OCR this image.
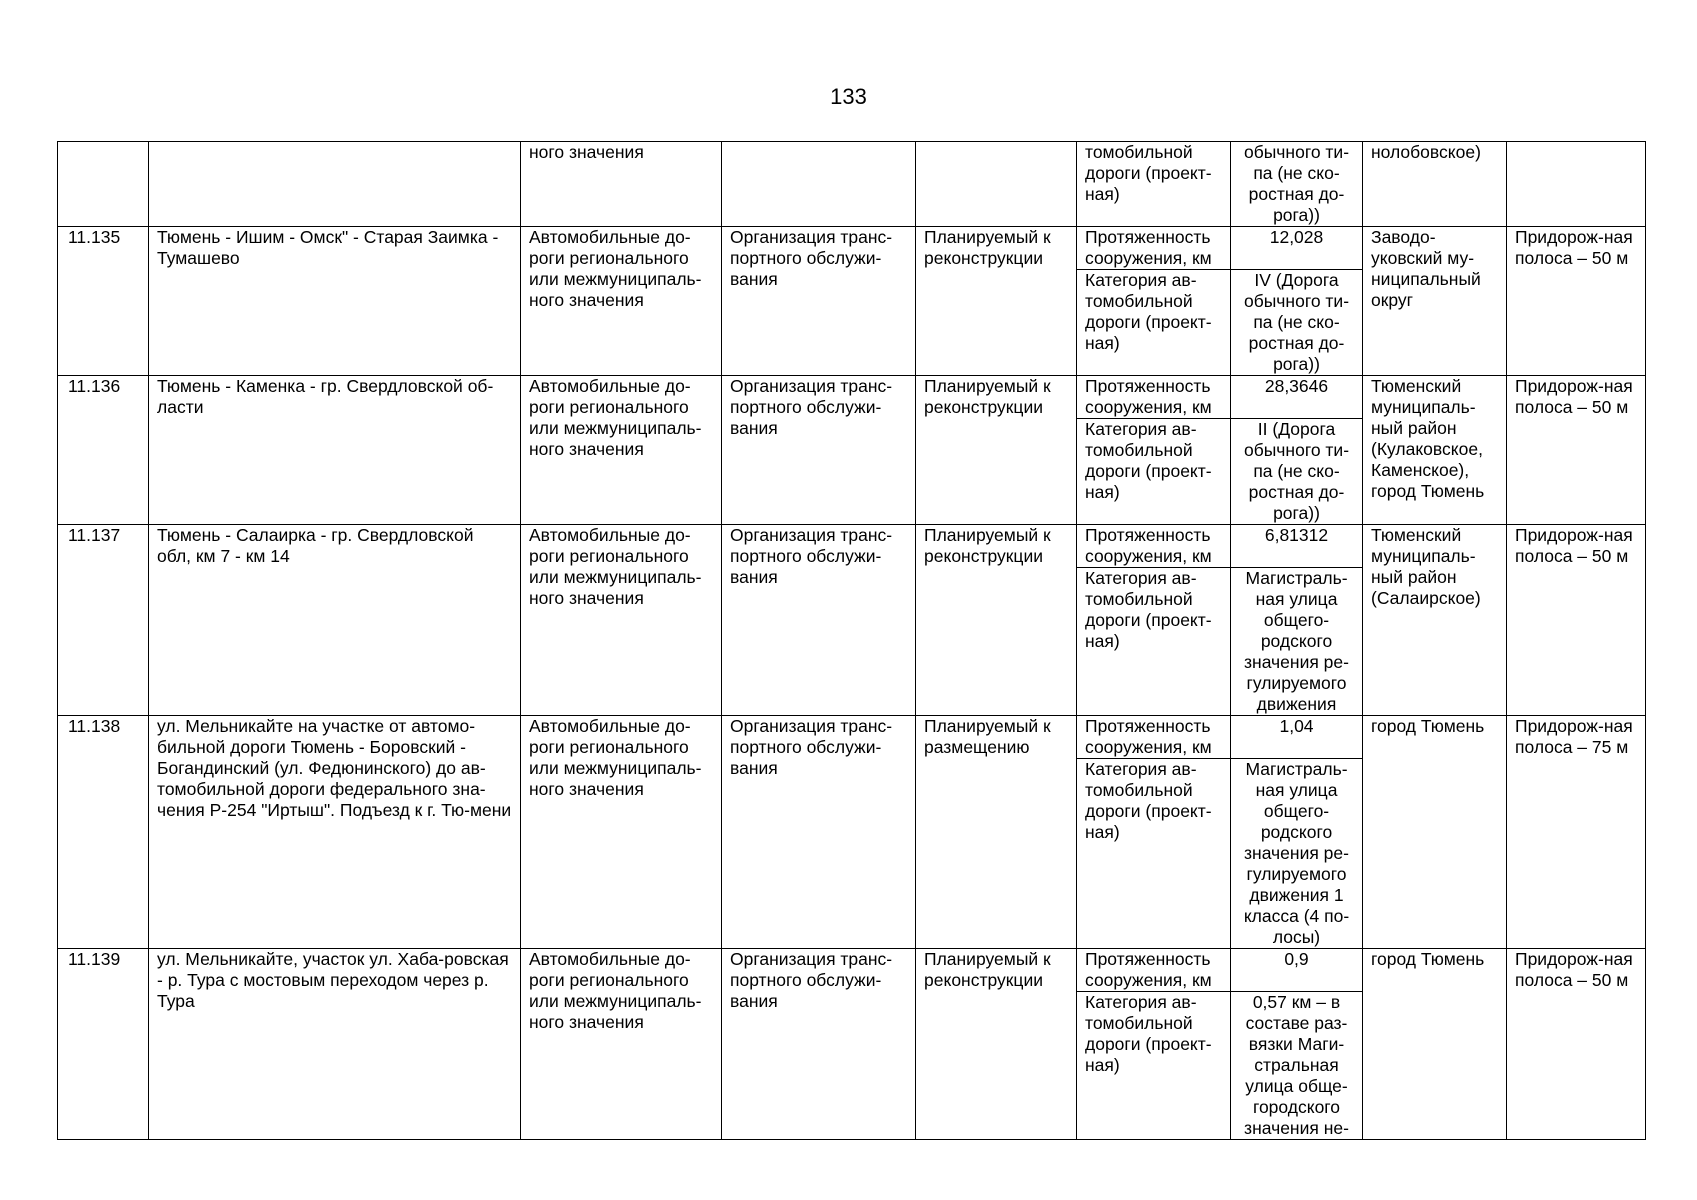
133
		ного значения			томобильной дороги (проект-ная)	обычного ти-па (не ско-ростная до-рога))	нолобовское)	
11.135	Тюмень - Ишим - Омск" - Старая Заимка - Тумашево	Автомобильные до-роги регионального или межмуниципаль-ного значения	Организация транс-портного обслужи-вания	Планируемый к реконструкции	Протяженность сооружения, км	12,028	Заводо-уковский му-ниципальный округ	Придорож-ная полоса – 50 м
					Категория ав-томобильной дороги (проект-ная)	IV (Дорога обычного ти-па (не ско-ростная до-рога))		
11.136	Тюмень - Каменка - гр. Свердловской об-ласти	Автомобильные до-роги регионального или межмуниципаль-ного значения	Организация транс-портного обслужи-вания	Планируемый к реконструкции	Протяженность сооружения, км	28,3646	Тюменский муниципаль-ный район (Кулаковское, Каменское), город Тюмень	Придорож-ная полоса – 50 м
					Категория ав-томобильной дороги (проект-ная)	II (Дорога обычного ти-па (не ско-ростная до-рога))		
11.137	Тюмень - Салаирка - гр. Свердловской обл, км 7 - км 14	Автомобильные до-роги регионального или межмуниципаль-ного значения	Организация транс-портного обслужи-вания	Планируемый к реконструкции	Протяженность сооружения, км	6,81312	Тюменский муниципаль-ный район (Салаирское)	Придорож-ная полоса – 50 м
					Категория ав-томобильной дороги (проект-ная)	Магистраль-ная улица общего-родского значения ре-гулируемого движения		
11.138	ул. Мельникайте на участке от автомо-бильной дороги Тюмень - Боровский - Богандинский (ул. Федюнинского) до ав-томобильной дороги федерального зна-чения Р-254 "Иртыш". Подъезд к г. Тю-мени	Автомобильные до-роги регионального или межмуниципаль-ного значения	Организация транс-портного обслужи-вания	Планируемый к размещению	Протяженность сооружения, км	1,04	город Тюмень	Придорож-ная полоса – 75 м
					Категория ав-томобильной дороги (проект-ная)	Магистраль-ная улица общего-родского значения ре-гулируемого движения 1 класса (4 по-лосы)		
11.139	ул. Мельникайте, участок ул. Хаба-ровская - р. Тура с мостовым переходом через р. Тура	Автомобильные до-роги регионального или межмуниципаль-ного значения	Организация транс-портного обслужи-вания	Планируемый к реконструкции	Протяженность сооружения, км	0,9	город Тюмень	Придорож-ная полоса – 50 м
					Категория ав-томобильной дороги (проект-ная)	0,57 км – в составе раз-вязки Маги-стральная улица обще-городского значения не-		
